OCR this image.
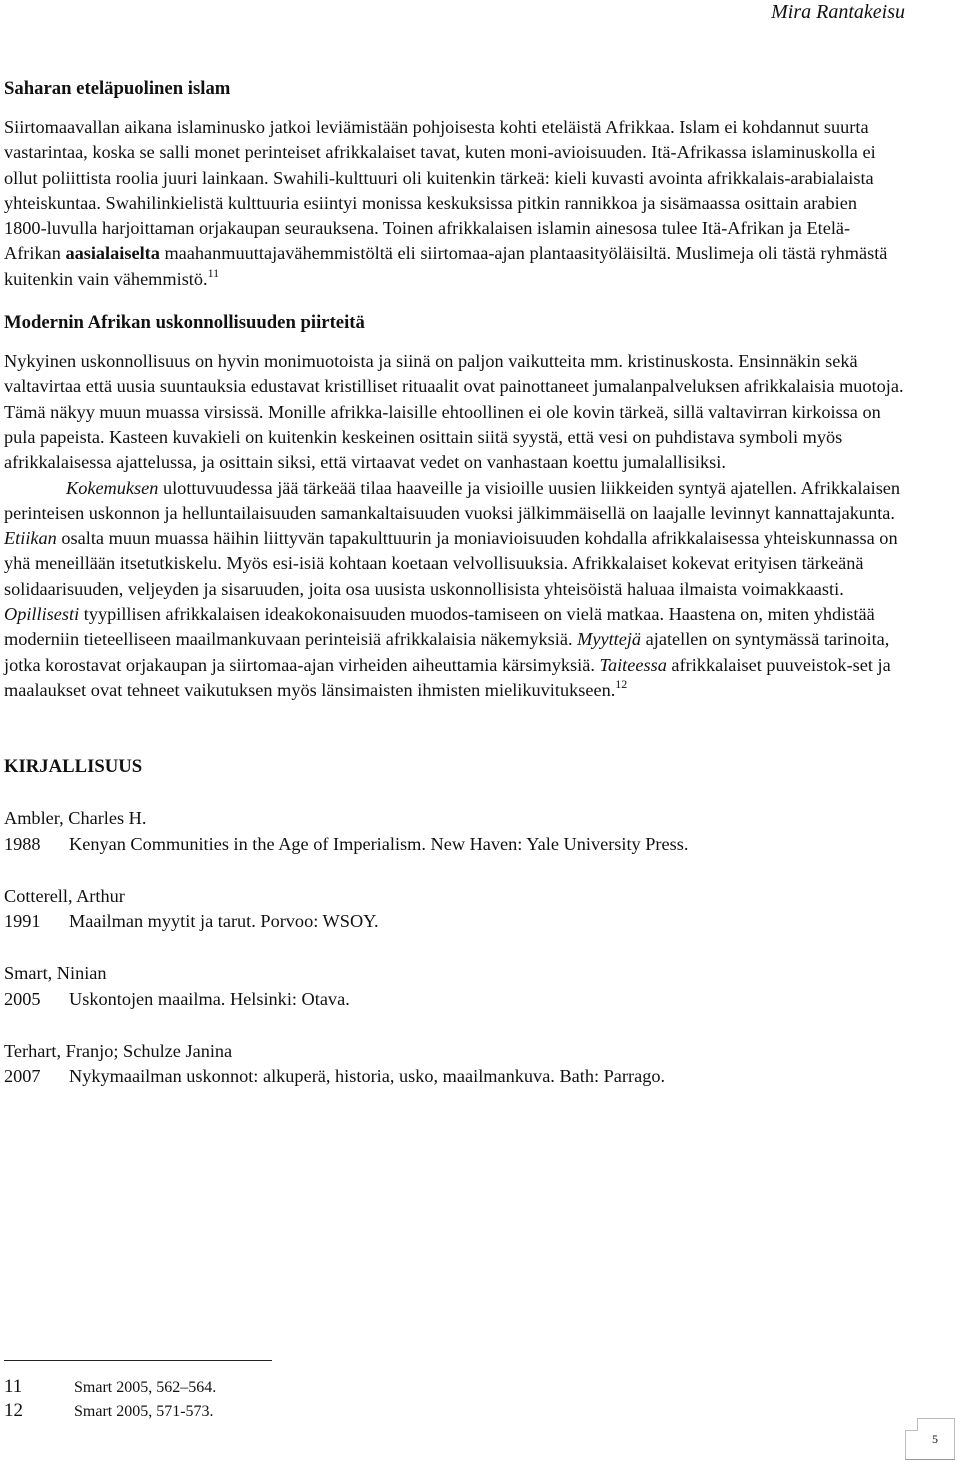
Mira Rantakeisu
Saharan eteläpuolinen islam

Siirtomaavallan aikana islaminusko jatkoi leviämistään pohjoisesta kohti eteläistä Afrikkaa. Islam ei kohdannut suurta vastarintaa, koska se salli monet perinteiset afrikkalaiset tavat, kuten moni-avioisuuden. Itä-Afrikassa islaminuskolla ei ollut poliittista roolia juuri lainkaan. Swahili-kulttuuri oli kuitenkin tärkeä: kieli kuvasti avointa afrikkalais-arabialaista yhteiskuntaa. Swahilinkielistä kulttuuria esiintyi monissa keskuksissa pitkin rannikkoa ja sisämaassa osittain arabien 1800-luvulla harjoittaman orjakaupan seurauksena. Toinen afrikkalaisen islamin ainesosa tulee Itä-Afrikan ja Etelä-Afrikan aasialaiselta maahanmuuttajavähemmistöltä eli siirtomaa-ajan plantaasityöläisiltä. Muslimeja oli tästä ryhmästä kuitenkin vain vähemmistö.$^{11}$

Modernin Afrikan uskonnollisuuden piirteitä

Nykyinen uskonnollisuus on hyvin monimuotoista ja siinä on paljon vaikutteita mm. kristinuskosta. Ensinnäkin sekä valtavirtaa että uusia suuntauksia edustavat kristilliset rituaalit ovat painottaneet jumalanpalveluksen afrikkalaisia muotoja. Tämä näkyy muun muassa virsissä. Monille afrikka-laisille ehtoollinen ei ole kovin tärkeä, sillä valtavirran kirkoissa on pula papeista. Kasteen kuvakieli on kuitenkin keskeinen osittain siitä syystä, että vesi on puhdistava symboli myös afrikkalaisessa ajattelussa, ja osittain siksi, että virtaavat vedet on vanhastaan koettu jumalallisiksi.

Kokemuksen ulottuvuudessa jää tärkeää tilaa haaveille ja visioille uusien liikkeiden syntyä ajatellen. Afrikkalaisen perinteisen uskonnon ja helluntailaisuuden samankaltaisuuden vuoksi jälkimmäisellä on laajalle levinnyt kannattajakunta. Etiikan osalta muun muassa häihin liittyvän tapakulttuurin ja moniavioisuuden kohdalla afrikkalaisessa yhteiskunnassa on yhä meneillään itsetutkiskelu. Myös esi-isiä kohtaan koetaan velvollisuuksia. Afrikkalaiset kokevat erityisen tärkeänä solidaarisuuden, veljeyden ja sisaruuden, joita osa uusista uskonnollisista yhteisöistä haluaa ilmaista voimakkaasti. Opillisesti tyypillisen afrikkalaisen ideakokonaisuuden muodos-tamiseen on vielä matkaa. Haastena on, miten yhdistää moderniin tieteelliseen maailmankuvaan perinteisiä afrikkalaisia näkemyksiä. Myyttejä ajatellen on syntymässä tarinoita, jotka korostavat orjakaupan ja siirtomaa-ajan virheiden aiheuttamia kärsimyksiä. Taiteessa afrikkalaiset puuveistok-set ja maalaukset ovat tehneet vaikutuksen myös länsimaisten ihmisten mielikuvitukseen.$^{12}$

KIRJALLISUUS
Ambler, Charles H.
1988 Kenyan Communities in the Age of Imperialism. New Haven: Yale University Press.
Cotterell, Arthur
1991 Maailman myytit ja tarut. Porvoo: WSOY.
Smart, Ninian
2005 Uskontojen maailma. Helsinki: Otava.
Terhart, Franjo; Schulze Janina
2007 Nykymaailman uskonnot: alkuperä, historia, usko, maailmankuva. Bath: Parrago.
11	Smart 2005, 562–564.
12	Smart 2005, 571-573.
5
